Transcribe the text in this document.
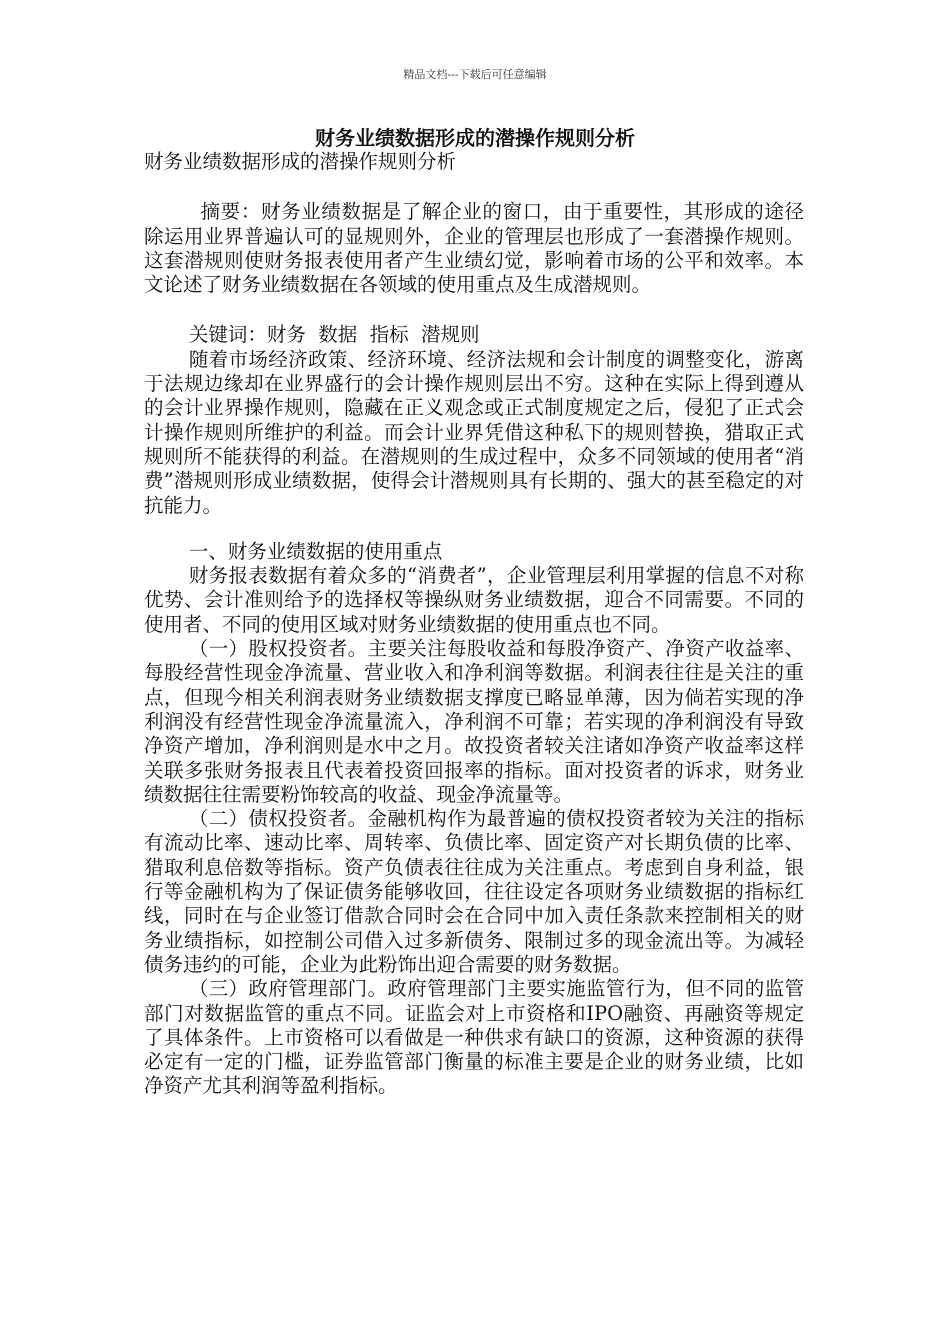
精品文档---下载后可任意编辑
财务业绩数据形成的潜操作规则分析

财务业绩数据形成的潜操作规则分析

摘要：财务业绩数据是了解企业的窗口，由于重要性，其形成的途径除运用业界普遍认可的显规则外，企业的管理层也形成了一套潜操作规则。这套潜规则使财务报表使用者产生业绩幻觉，影响着市场的公平和效率。本文论述了财务业绩数据在各领域的使用重点及生成潜规则。

关键词：财务  数据  指标  潜规则

随着市场经济政策、经济环境、经济法规和会计制度的调整变化，游离于法规边缘却在业界盛行的会计操作规则层出不穷。这种在实际上得到遵从的会计业界操作规则，隐藏在正义观念或正式制度规定之后，侵犯了正式会计操作规则所维护的利益。而会计业界凭借这种私下的规则替换，猎取正式规则所不能获得的利益。在潜规则的生成过程中，众多不同领域的使用者“消费”潜规则形成业绩数据，使得会计潜规则具有长期的、强大的甚至稳定的对抗能力。

一、财务业绩数据的使用重点

财务报表数据有着众多的“消费者”，企业管理层利用掌握的信息不对称优势、会计准则给予的选择权等操纵财务业绩数据，迎合不同需要。不同的使用者、不同的使用区域对财务业绩数据的使用重点也不同。

（一）股权投资者。主要关注每股收益和每股净资产、净资产收益率、每股经营性现金净流量、营业收入和净利润等数据。利润表往往是关注的重点，但现今相关利润表财务业绩数据支撑度已略显单薄，因为倘若实现的净利润没有经营性现金净流量流入，净利润不可靠；若实现的净利润没有导致净资产增加，净利润则是水中之月。故投资者较关注诸如净资产收益率这样关联多张财务报表且代表着投资回报率的指标。面对投资者的诉求，财务业绩数据往往需要粉饰较高的收益、现金净流量等。

（二）债权投资者。金融机构作为最普遍的债权投资者较为关注的指标有流动比率、速动比率、周转率、负债比率、固定资产对长期负债的比率、猎取利息倍数等指标。资产负债表往往成为关注重点。考虑到自身利益，银行等金融机构为了保证债务能够收回，往往设定各项财务业绩数据的指标红线，同时在与企业签订借款合同时会在合同中加入责任条款来控制相关的财务业绩指标，如控制公司借入过多新债务、限制过多的现金流出等。为减轻债务违约的可能，企业为此粉饰出迎合需要的财务数据。

（三）政府管理部门。政府管理部门主要实施监管行为，但不同的监管部门对数据监管的重点不同。证监会对上市资格和IPO融资、再融资等规定了具体条件。上市资格可以看做是一种供求有缺口的资源，这种资源的获得必定有一定的门槛，证券监管部门衡量的标准主要是企业的财务业绩，比如净资产尤其利润等盈利指标。
